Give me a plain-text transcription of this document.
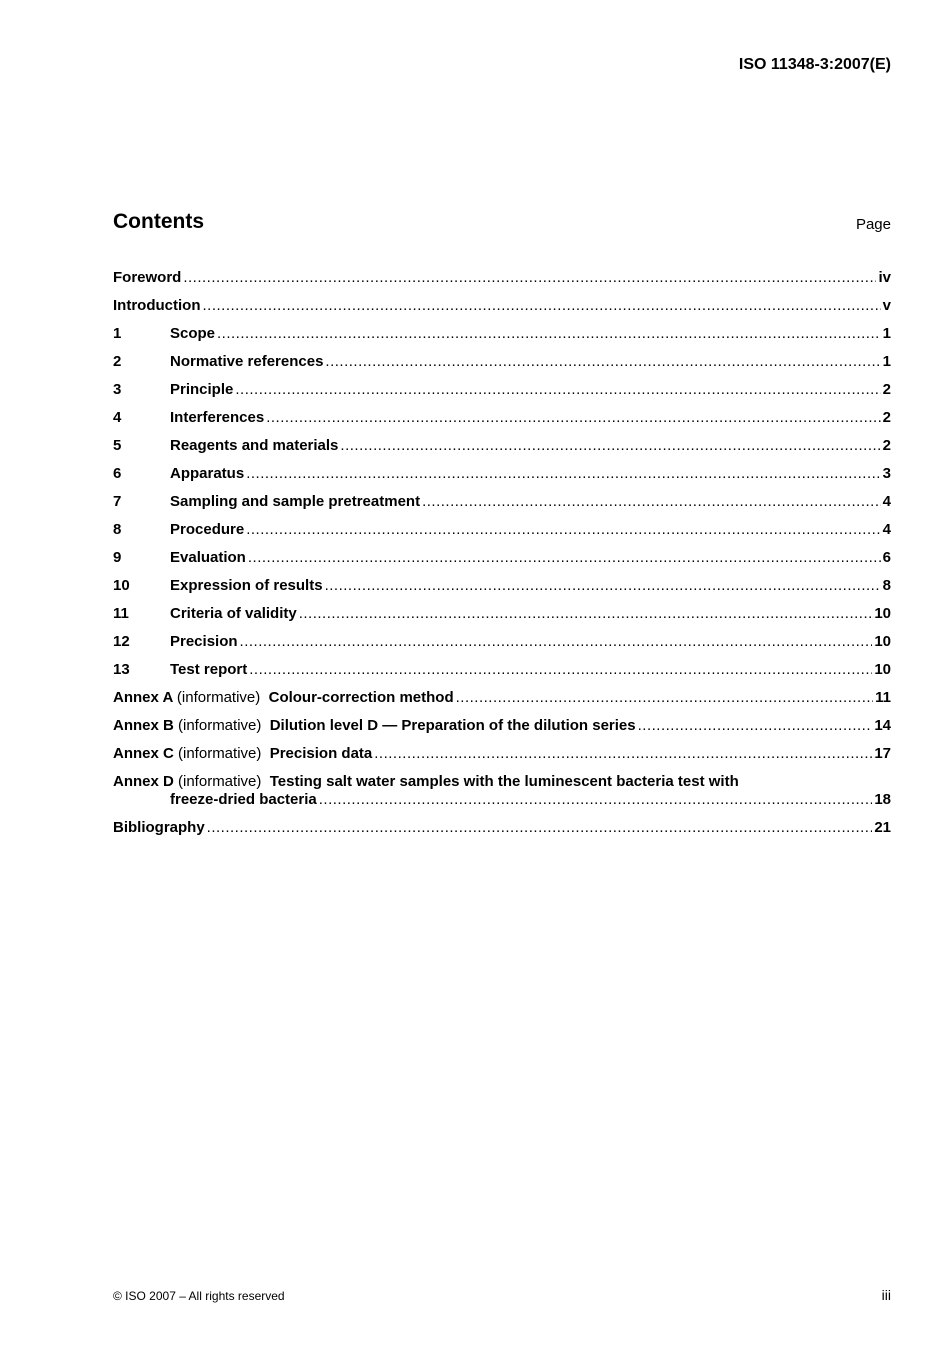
ISO 11348-3:2007(E)
Contents	Page
Foreword .....	iv
Introduction .....	v
1	Scope .....	1
2	Normative references .....	1
3	Principle .....	2
4	Interferences .....	2
5	Reagents and materials .....	2
6	Apparatus .....	3
7	Sampling and sample pretreatment .....	4
8	Procedure .....	4
9	Evaluation .....	6
10	Expression of results .....	8
11	Criteria of validity .....	10
12	Precision .....	10
13	Test report .....	10
Annex A (informative) Colour-correction method .....	11
Annex B (informative) Dilution level D — Preparation of the dilution series .....	14
Annex C (informative) Precision data .....	17
Annex D (informative) Testing salt water samples with the luminescent bacteria test with
freeze-dried bacteria .....	18
Bibliography .....	21
© ISO 2007 – All rights reserved	iii
